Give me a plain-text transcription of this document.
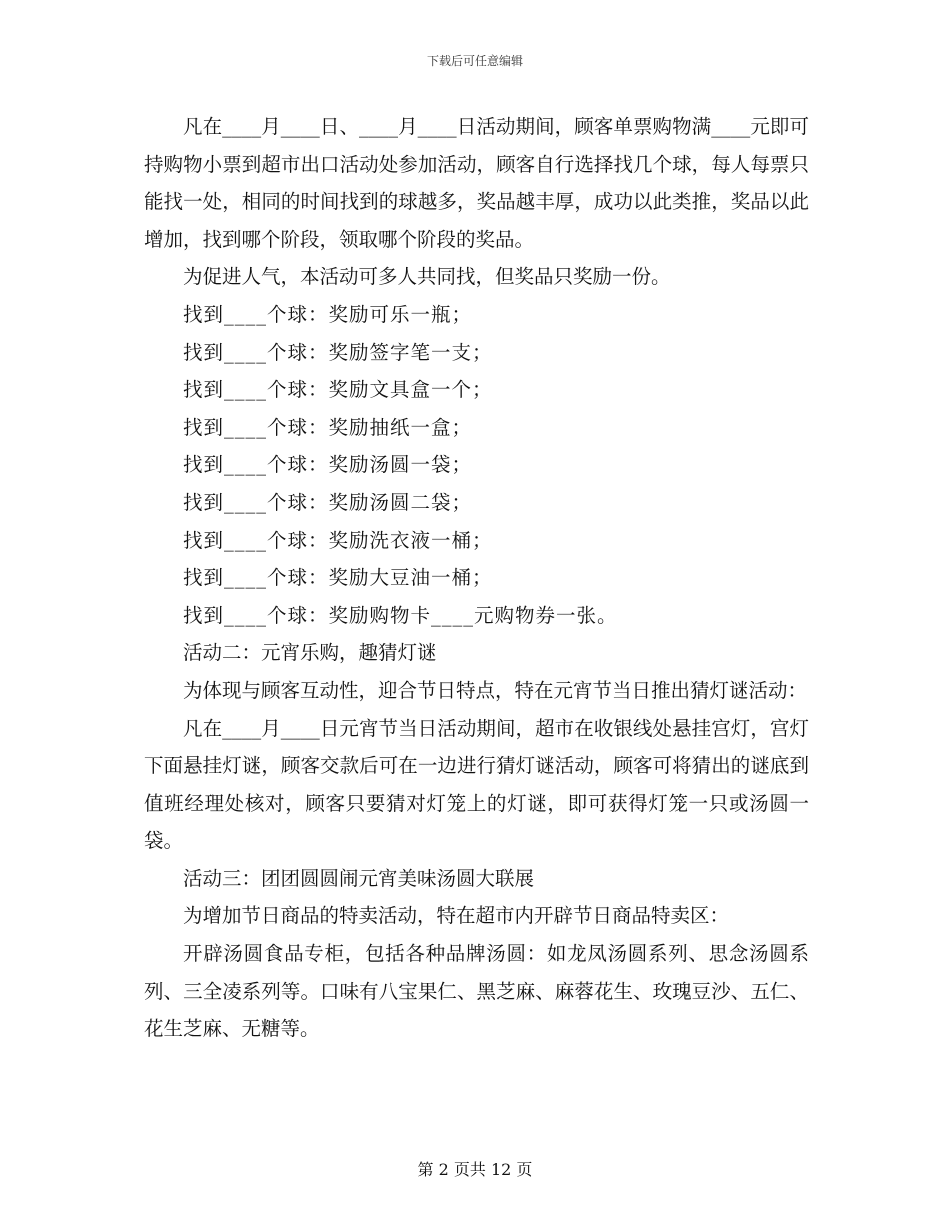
下载后可任意编辑

凡在____月____日、____月____日活动期间，顾客单票购物满____元即可持购物小票到超市出口活动处参加活动，顾客自行选择找几个球，每人每票只能找一处，相同的时间找到的球越多，奖品越丰厚，成功以此类推，奖品以此增加，找到哪个阶段，领取哪个阶段的奖品。

为促进人气，本活动可多人共同找，但奖品只奖励一份。

找到____个球：奖励可乐一瓶；

找到____个球：奖励签字笔一支；

找到____个球：奖励文具盒一个；

找到____个球：奖励抽纸一盒；

找到____个球：奖励汤圆一袋；

找到____个球：奖励汤圆二袋；

找到____个球：奖励洗衣液一桶；

找到____个球：奖励大豆油一桶；

找到____个球：奖励购物卡____元购物券一张。

活动二：元宵乐购，趣猜灯谜

为体现与顾客互动性，迎合节日特点，特在元宵节当日推出猜灯谜活动：

凡在____月____日元宵节当日活动期间，超市在收银线处悬挂宫灯，宫灯下面悬挂灯谜，顾客交款后可在一边进行猜灯谜活动，顾客可将猜出的谜底到值班经理处核对，顾客只要猜对灯笼上的灯谜，即可获得灯笼一只或汤圆一袋。

活动三：团团圆圆闹元宵美味汤圆大联展

为增加节日商品的特卖活动，特在超市内开辟节日商品特卖区：

开辟汤圆食品专柜，包括各种品牌汤圆：如龙凤汤圆系列、思念汤圆系列、三全凌系列等。口味有八宝果仁、黑芝麻、麻蓉花生、玫瑰豆沙、五仁、花生芝麻、无糖等。

第 2 页共 12 页
